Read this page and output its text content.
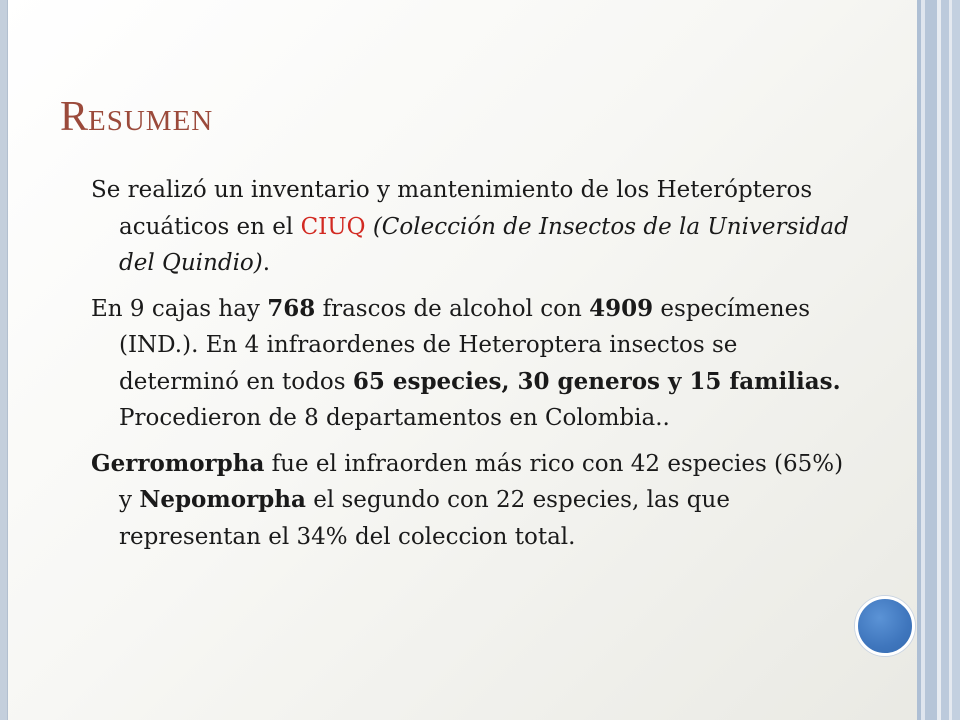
RESUMEN

Se realizó un inventario y mantenimiento de los Heterópteros acuáticos en el CIUQ (Colección de Insectos de la Universidad del Quindio).

En 9 cajas hay 768 frascos de alcohol con 4909 especímenes (IND.). En 4 infraordenes de Heteroptera insectos se determinó en todos 65 especies, 30 generos y 15 familias. Procedieron de 8 departamentos en Colombia..

Gerromorpha fue el infraorden más rico con 42 especies (65%) y Nepomorpha el segundo con 22 especies, las que representan el 34% del coleccion total.
